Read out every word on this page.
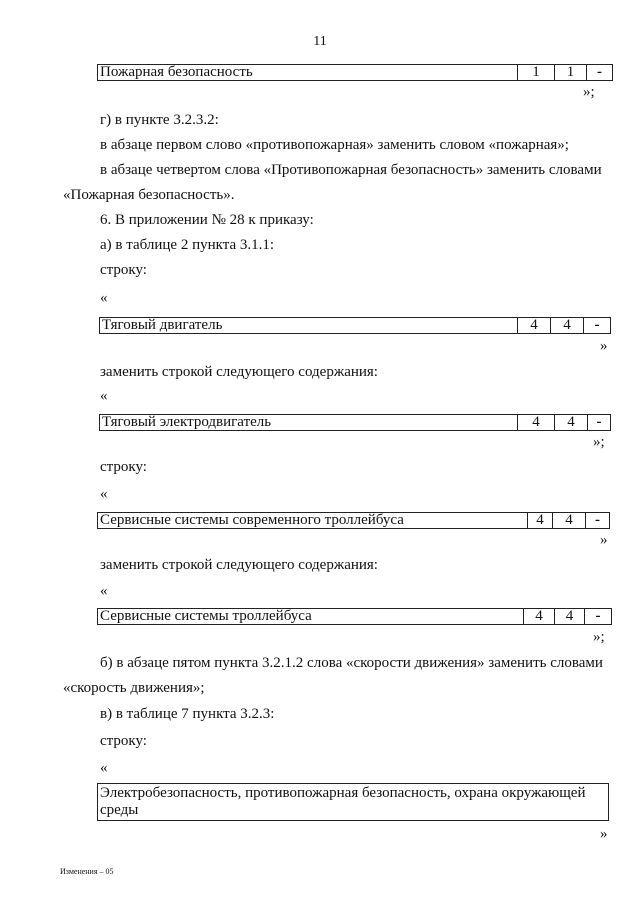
11
Пожарная безопасность	1	1	-
»;
г) в пункте 3.2.3.2:
в абзаце первом слово «противопожарная» заменить словом «пожарная»;
в абзаце четвертом слова «Противопожарная безопасность» заменить словами
«Пожарная безопасность».
6. В приложении № 28 к приказу:
а) в таблице 2 пункта 3.1.1:
строку:
«
Тяговый двигатель	4	4	-
»
заменить строкой следующего содержания:
«
Тяговый электродвигатель	4	4	-
»;
строку:
«
Сервисные системы современного троллейбуса	4	4	-
»
заменить строкой следующего содержания:
«
Сервисные системы троллейбуса	4	4	-
»;
б) в абзаце пятом пункта 3.2.1.2 слова «скорости движения» заменить словами
«скорость движения»;
в) в таблице 7 пункта 3.2.3:
строку:
«
Электробезопасность, противопожарная безопасность, охрана окружающей
среды
»
Изменения – 05
